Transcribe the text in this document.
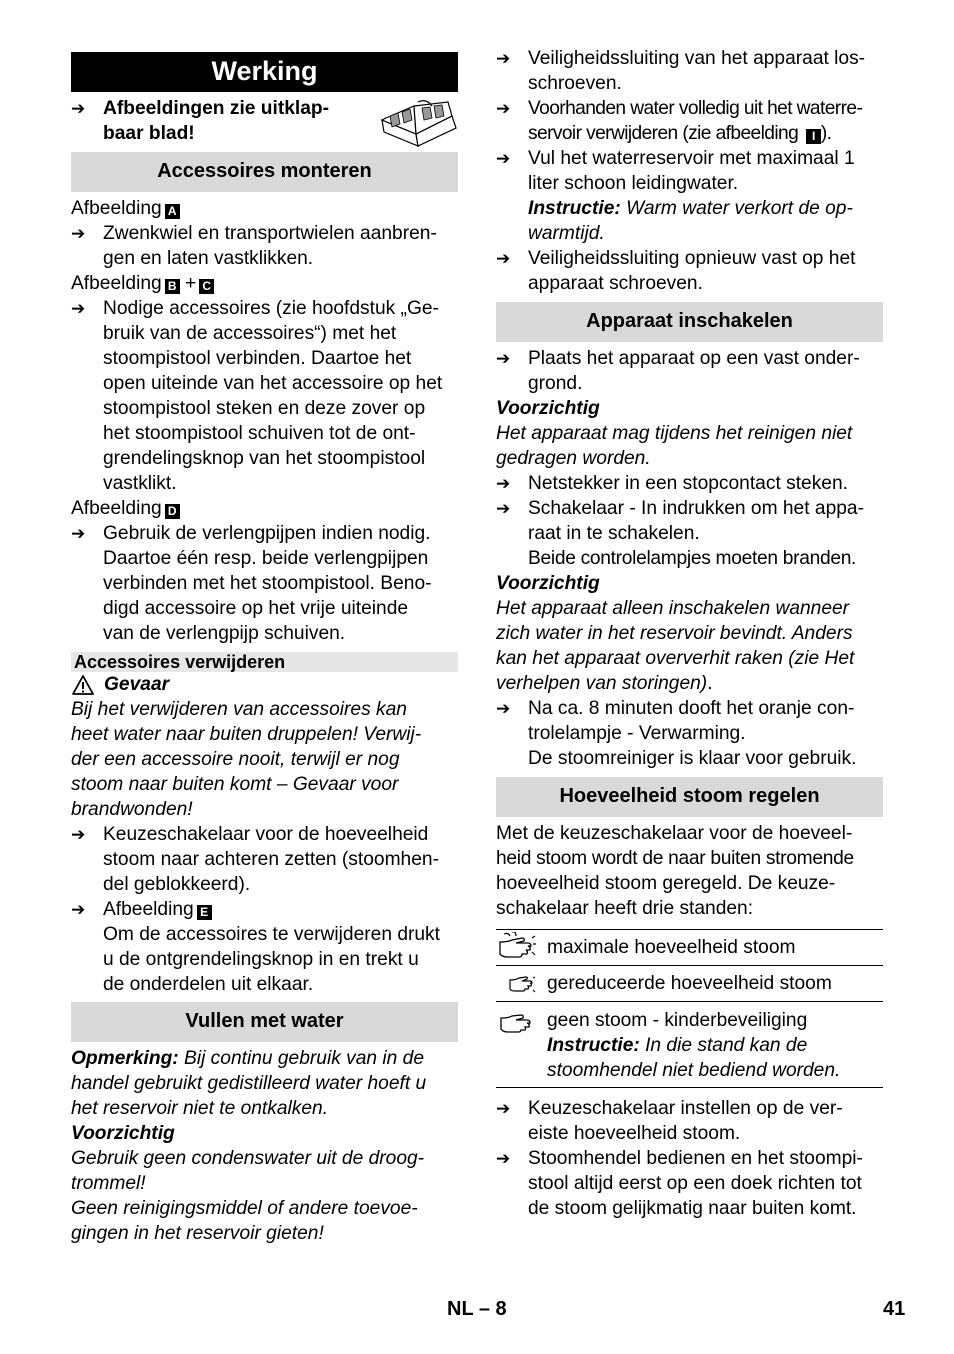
Werking
➔ Afbeeldingen zie uitklap-
baar blad!
Accessoires monteren
Afbeelding A
➔ Zwenkwiel en transportwielen aanbren-
gen en laten vastklikken.
Afbeelding B + C
➔ Nodige accessoires (zie hoofdstuk „Ge-
bruik van de accessoires“) met het
stoompistool verbinden. Daartoe het
open uiteinde van het accessoire op het
stoompistool steken en deze zover op
het stoompistool schuiven tot de ont-
grendelingsknop van het stoompistool
vastklikt.
Afbeelding D
➔ Gebruik de verlengpijpen indien nodig.
Daartoe één resp. beide verlengpijpen
verbinden met het stoompistool. Beno-
digd accessoire op het vrije uiteinde
van de verlengpijp schuiven.
Accessoires verwijderen
Gevaar
Bij het verwijderen van accessoires kan
heet water naar buiten druppelen! Verwij-
der een accessoire nooit, terwijl er nog
stoom naar buiten komt – Gevaar voor
brandwonden!
➔ Keuzeschakelaar voor de hoeveelheid
stoom naar achteren zetten (stoomhen-
del geblokkeerd).
➔ Afbeelding E
Om de accessoires te verwijderen drukt
u de ontgrendelingsknop in en trekt u
de onderdelen uit elkaar.
Vullen met water
Opmerking: Bij continu gebruik van in de
handel gebruikt gedistilleerd water hoeft u
het reservoir niet te ontkalken.
Voorzichtig
Gebruik geen condenswater uit de droog-
trommel!
Geen reinigingsmiddel of andere toevoe-
gingen in het reservoir gieten!
➔ Veiligheidssluiting van het apparaat los-
schroeven.
➔ Voorhanden water volledig uit het waterre-
servoir verwijderen (zie afbeelding I ).
➔ Vul het waterreservoir met maximaal 1
liter schoon leidingwater.
Instructie: Warm water verkort de op-
warmtijd.
➔ Veiligheidssluiting opnieuw vast op het
apparaat schroeven.
Apparaat inschakelen
➔ Plaats het apparaat op een vast onder-
grond.
Voorzichtig
Het apparaat mag tijdens het reinigen niet
gedragen worden.
➔ Netstekker in een stopcontact steken.
➔ Schakelaar - In indrukken om het appa-
raat in te schakelen.
Beide controlelampjes moeten branden.
Voorzichtig
Het apparaat alleen inschakelen wanneer
zich water in het reservoir bevindt. Anders
kan het apparaat oververhit raken (zie Het
verhelpen van storingen).
➔ Na ca. 8 minuten dooft het oranje con-
trolelampje - Verwarming.
De stoomreiniger is klaar voor gebruik.
Hoeveelheid stoom regelen
Met de keuzeschakelaar voor de hoeveel-
heid stoom wordt de naar buiten stromende
hoeveelheid stoom geregeld. De keuze-
schakelaar heeft drie standen:
maximale hoeveelheid stoom
gereduceerde hoeveelheid stoom
geen stoom - kinderbeveiliging
Instructie: In die stand kan de
stoomhendel niet bediend worden.
➔ Keuzeschakelaar instellen op de ver-
eiste hoeveelheid stoom.
➔ Stoomhendel bedienen en het stoompi-
stool altijd eerst op een doek richten tot
de stoom gelijkmatig naar buiten komt.
NL – 8	41
